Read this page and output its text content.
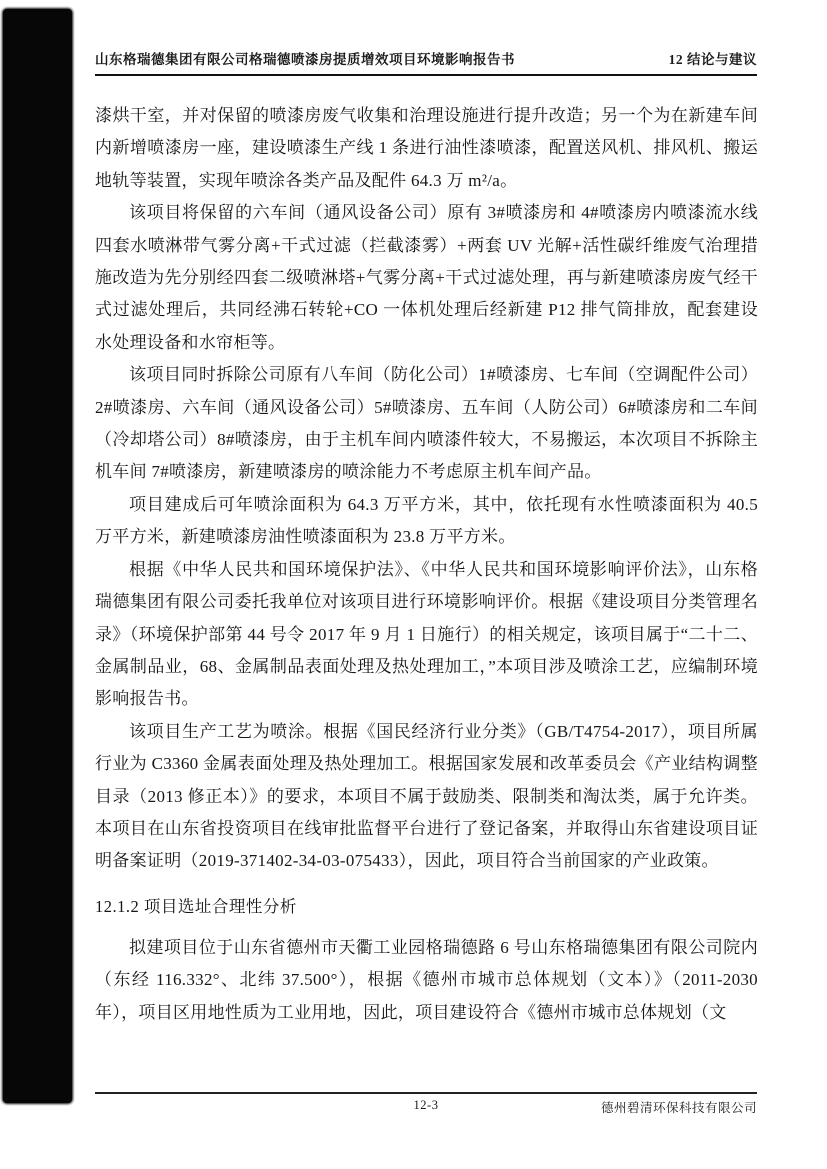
山东格瑞德集团有限公司格瑞德喷漆房提质增效项目环境影响报告书	12 结论与建议

漆烘干室，并对保留的喷漆房废气收集和治理设施进行提升改造；另一个为在新建车间内新增喷漆房一座，建设喷漆生产线 1 条进行油性漆喷漆，配置送风机、排风机、搬运地轨等装置，实现年喷涂各类产品及配件 64.3 万 m²/a。

该项目将保留的六车间（通风设备公司）原有 3#喷漆房和 4#喷漆房内喷漆流水线四套水喷淋带气雾分离+干式过滤（拦截漆雾）+两套 UV 光解+活性碳纤维废气治理措施改造为先分别经四套二级喷淋塔+气雾分离+干式过滤处理，再与新建喷漆房废气经干式过滤处理后，共同经沸石转轮+CO 一体机处理后经新建 P12 排气筒排放，配套建设水处理设备和水帘柜等。

该项目同时拆除公司原有八车间（防化公司）1#喷漆房、七车间（空调配件公司）2#喷漆房、六车间（通风设备公司）5#喷漆房、五车间（人防公司）6#喷漆房和二车间（冷却塔公司）8#喷漆房，由于主机车间内喷漆件较大，不易搬运，本次项目不拆除主机车间 7#喷漆房，新建喷漆房的喷涂能力不考虑原主机车间产品。

项目建成后可年喷涂面积为 64.3 万平方米，其中，依托现有水性喷漆面积为 40.5 万平方米，新建喷漆房油性喷漆面积为 23.8 万平方米。

根据《中华人民共和国环境保护法》、《中华人民共和国环境影响评价法》，山东格瑞德集团有限公司委托我单位对该项目进行环境影响评价。根据《建设项目分类管理名录》（环境保护部第 44 号令 2017 年 9 月 1 日施行）的相关规定，该项目属于“二十二、金属制品业，68、金属制品表面处理及热处理加工，”本项目涉及喷涂工艺，应编制环境影响报告书。

该项目生产工艺为喷涂。根据《国民经济行业分类》（GB/T4754-2017），项目所属行业为 C3360 金属表面处理及热处理加工。根据国家发展和改革委员会《产业结构调整目录（2013 修正本）》的要求，本项目不属于鼓励类、限制类和淘汰类，属于允许类。本项目在山东省投资项目在线审批监督平台进行了登记备案，并取得山东省建设项目证明备案证明（2019-371402-34-03-075433），因此，项目符合当前国家的产业政策。

12.1.2 项目选址合理性分析

拟建项目位于山东省德州市天衢工业园格瑞德路 6 号山东格瑞德集团有限公司院内（东经 116.332°、北纬 37.500°），根据《德州市城市总体规划（文本）》（2011-2030 年），项目区用地性质为工业用地，因此，项目建设符合《德州市城市总体规划（文

12-3	德州碧清环保科技有限公司
